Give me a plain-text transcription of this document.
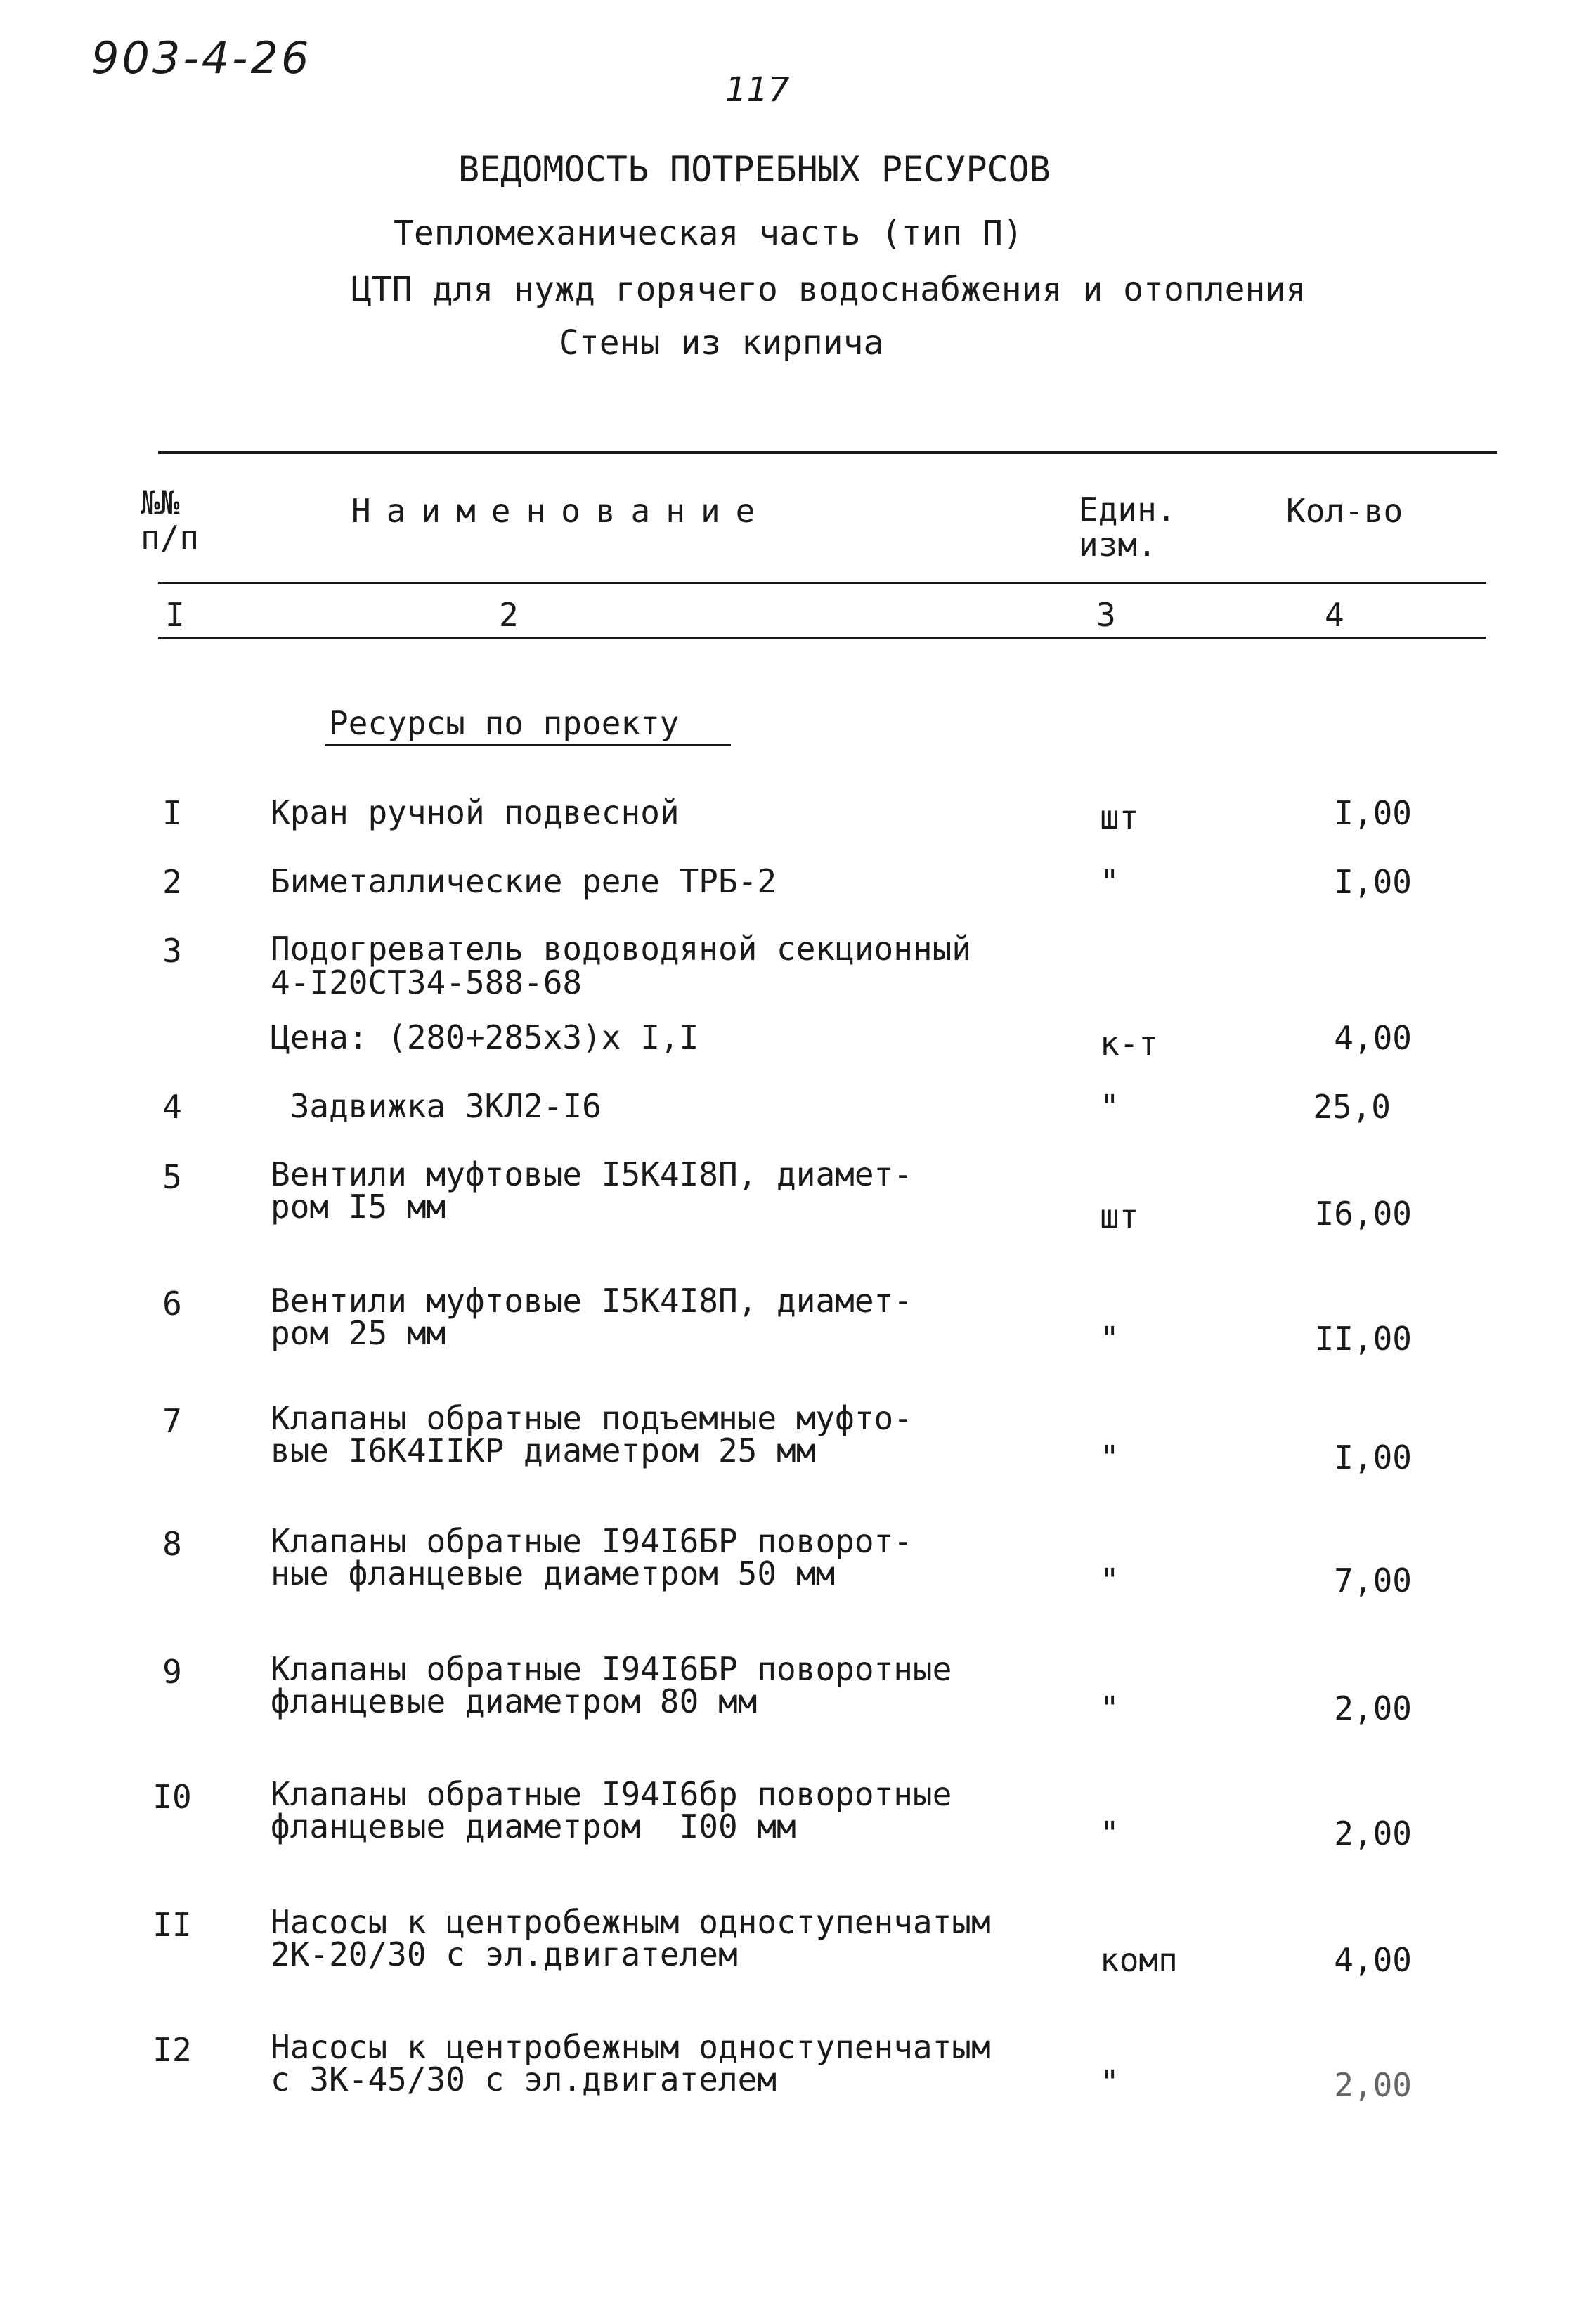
903-4-26
117
ВЕДОМОСТЬ ПОТРЕБНЫХ РЕСУРСОВ
Тепломеханическая часть (тип П)
ЦТП для нужд горячего водоснабжения и отопления
Стены из кирпича
№№
п/п
Наименование	Един.
изм.
Кол-во
I	2	3	4
Ресурсы по проекту
I	Кран ручной подвесной	шт	I,00
2	Биметаллические реле ТРБ-2	"	I,00
3	Подогреватель водоводяной секционный
4-I20СТ34-588-68
Цена: (280+285х3)х I,I	к-т	4,00
4	Задвижка ЗКЛ2-I6	"	25,0
5	Вентили муфтовые I5К4I8П, диамет-
ром I5 мм	шт	I6,00
6	Вентили муфтовые I5К4I8П, диамет-
ром 25 мм	"	II,00
7	Клапаны обратные подъемные муфто-
вые I6К4IIКР диаметром 25 мм	"	I,00
8	Клапаны обратные I94I6БР поворот-
ные фланцевые диаметром 50 мм	"	7,00
9	Клапаны обратные I94I6БР поворотные
фланцевые диаметром 80 мм	"	2,00
I0	Клапаны обратные I94I6бр поворотные
фланцевые диаметром  I00 мм	"	2,00
II	Насосы к центробежным одноступенчатым
2К-20/30 с эл.двигателем	комп	4,00
I2	Насосы к центробежным одноступенчатым
с 3К-45/30 с эл.двигателем	"	2,00
